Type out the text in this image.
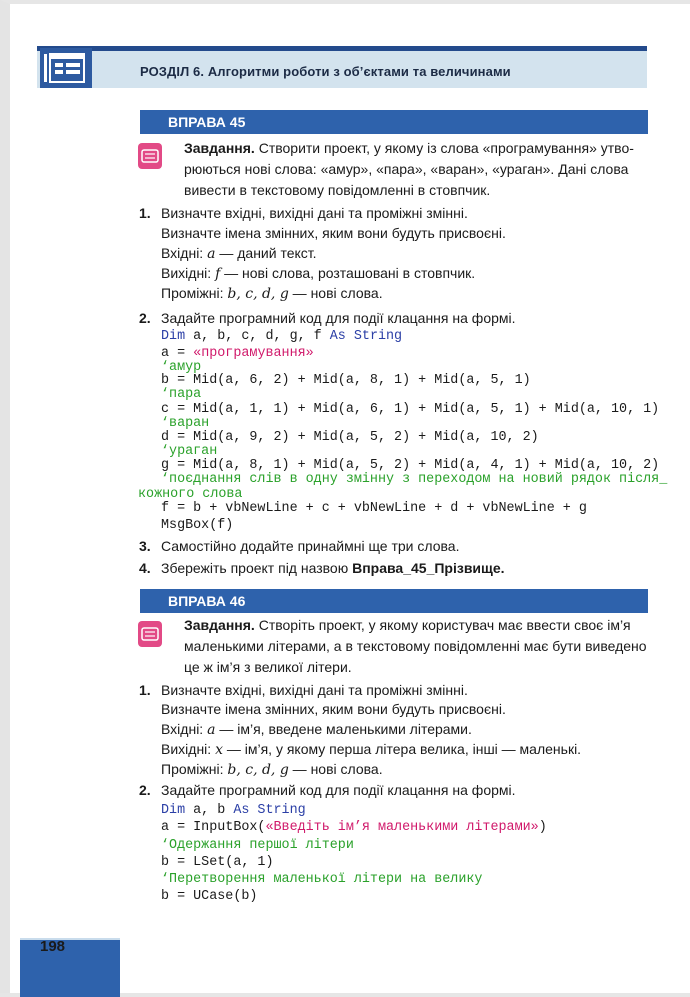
РОЗДІЛ 6. Алгоритми роботи з об’єктами та величинами
ВПРАВА 45
Завдання. Створити проект, у якому із слова «програмування» утво-
рюються нові слова: «амур», «пара», «варан», «ураган». Дані слова
вивести в текстовому повідомленні в стовпчик.
1. Визначте вхідні, вихідні дані та проміжні змінні.
Визначте імена змінних, яким вони будуть присвоєні.
Вхідні: a — даний текст.
Вихідні: f — нові слова, розташовані в стовпчик.
Проміжні: b, c, d, g — нові слова.
2. Задайте програмний код для події клацання на формі.
Dim a, b, c, d, g, f As String
a = «програмування»
‘амур
b = Mid(a, 6, 2) + Mid(a, 8, 1) + Mid(a, 5, 1)
‘пара
c = Mid(a, 1, 1) + Mid(a, 6, 1) + Mid(a, 5, 1) + Mid(a, 10, 1)
‘варан
d = Mid(a, 9, 2) + Mid(a, 5, 2) + Mid(a, 10, 2)
‘ураган
g = Mid(a, 8, 1) + Mid(a, 5, 2) + Mid(a, 4, 1) + Mid(a, 10, 2)
‘поєднання слів в одну змінну з переходом на новий рядок після_
кожного слова
f = b + vbNewLine + c + vbNewLine + d + vbNewLine + g
MsgBox(f)
3. Самостійно додайте принаймні ще три слова.
4. Збережіть проект під назвою Вправа_45_Прізвище.
ВПРАВА 46
Завдання. Створіть проект, у якому користувач має ввести своє ім’я
маленькими літерами, а в текстовому повідомленні має бути виведено
це ж ім’я з великої літери.
1. Визначте вхідні, вихідні дані та проміжні змінні.
Визначте імена змінних, яким вони будуть присвоєні.
Вхідні: a — ім’я, введене маленькими літерами.
Вихідні: x — ім’я, у якому перша літера велика, інші — маленькі.
Проміжні: b, c, d, g — нові слова.
2. Задайте програмний код для події клацання на формі.
Dim a, b As String
a = InputBox(«Введіть ім’я маленькими літерами»)
‘Одержання першої літери
b = LSet(a, 1)
‘Перетворення маленької літери на велику
b = UCase(b)
198
